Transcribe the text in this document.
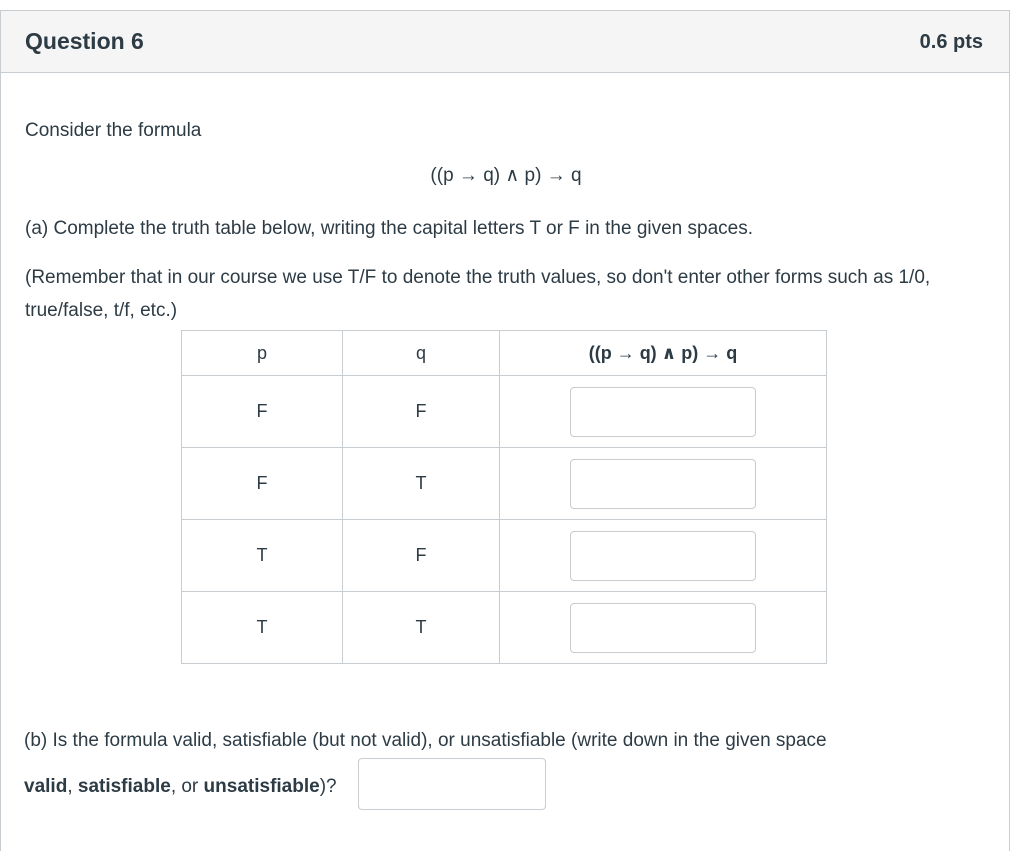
Question 6	0.6 pts
Consider the formula
((p → q) ∧ p) → q
(a) Complete the truth table below, writing the capital letters T or F in the given spaces.
(Remember that in our course we use T/F to denote the truth values, so don't enter other forms such as 1/0, true/false, t/f, etc.)
p	q	((p → q) ∧ p) → q
F	F	
F	T	
T	F	
T	T	
(b) Is the formula valid, satisfiable (but not valid), or unsatisfiable (write down in the given space
valid, satisfiable, or unsatisfiable)?
